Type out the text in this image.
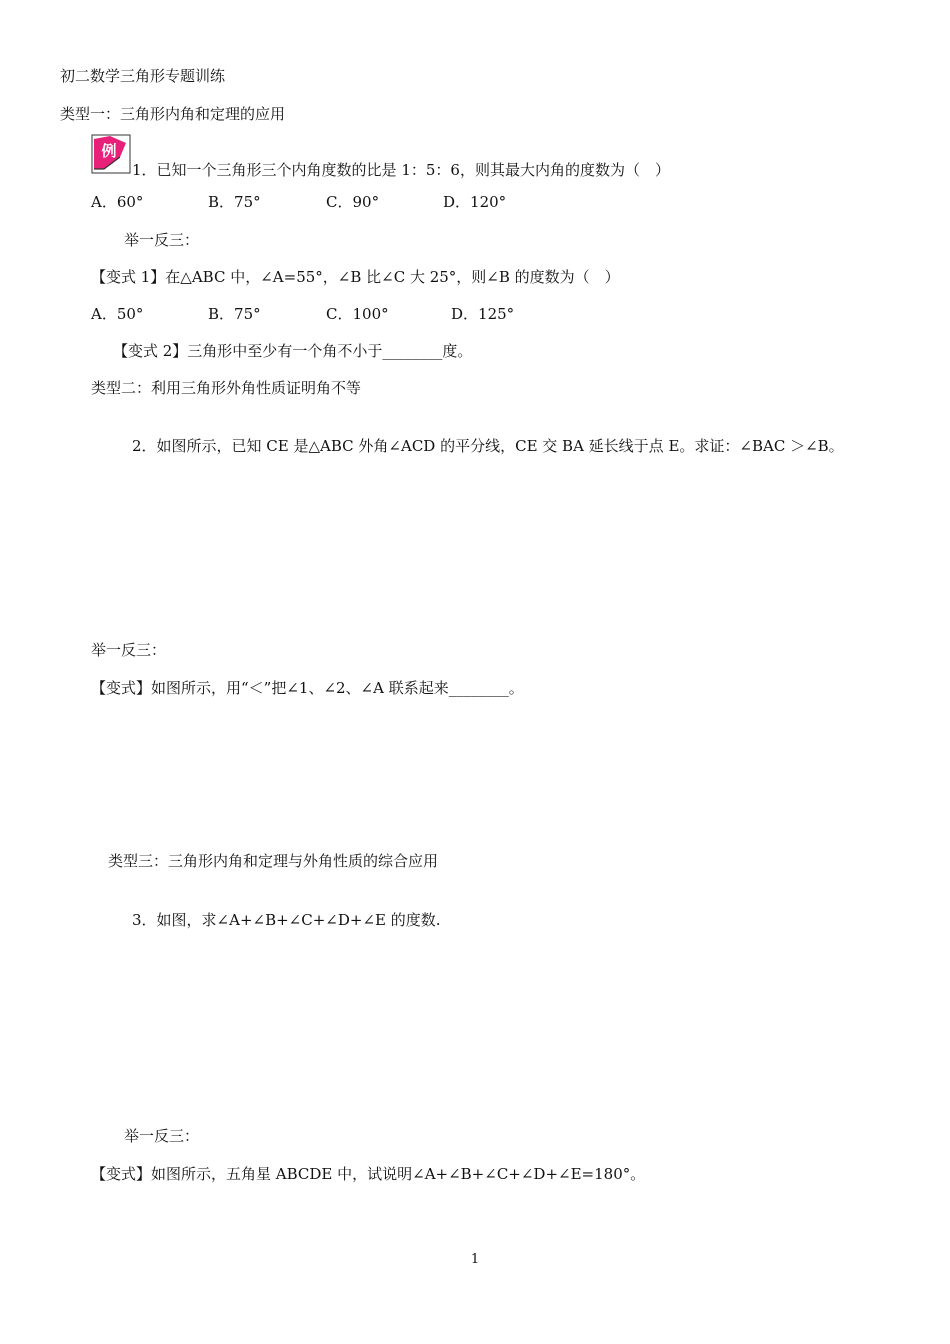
初二数学三角形专题训练
类型一：三角形内角和定理的应用
例
1．已知一个三角形三个内角度数的比是 1：5：6，则其最大内角的度数为（　）
A．60°	B．75°	C．90°	D．120°
举一反三：
【变式 1】在△ABC 中，∠A=55°，∠B 比∠C 大 25°，则∠B 的度数为（　）
A．50°	B．75°	C．100°	D．125°
【变式 2】三角形中至少有一个角不小于________度。
类型二：利用三角形外角性质证明角不等
2．如图所示，已知 CE 是△ABC 外角∠ACD 的平分线，CE 交 BA 延长线于点 E。求证：∠BAC ＞∠B。
举一反三：
【变式】如图所示，用“＜”把∠1、∠2、∠A 联系起来________。
类型三：三角形内角和定理与外角性质的综合应用
3．如图，求∠A+∠B+∠C+∠D+∠E 的度数.
举一反三：
【变式】如图所示，五角星 ABCDE 中，试说明∠A+∠B+∠C+∠D+∠E=180°。
1
